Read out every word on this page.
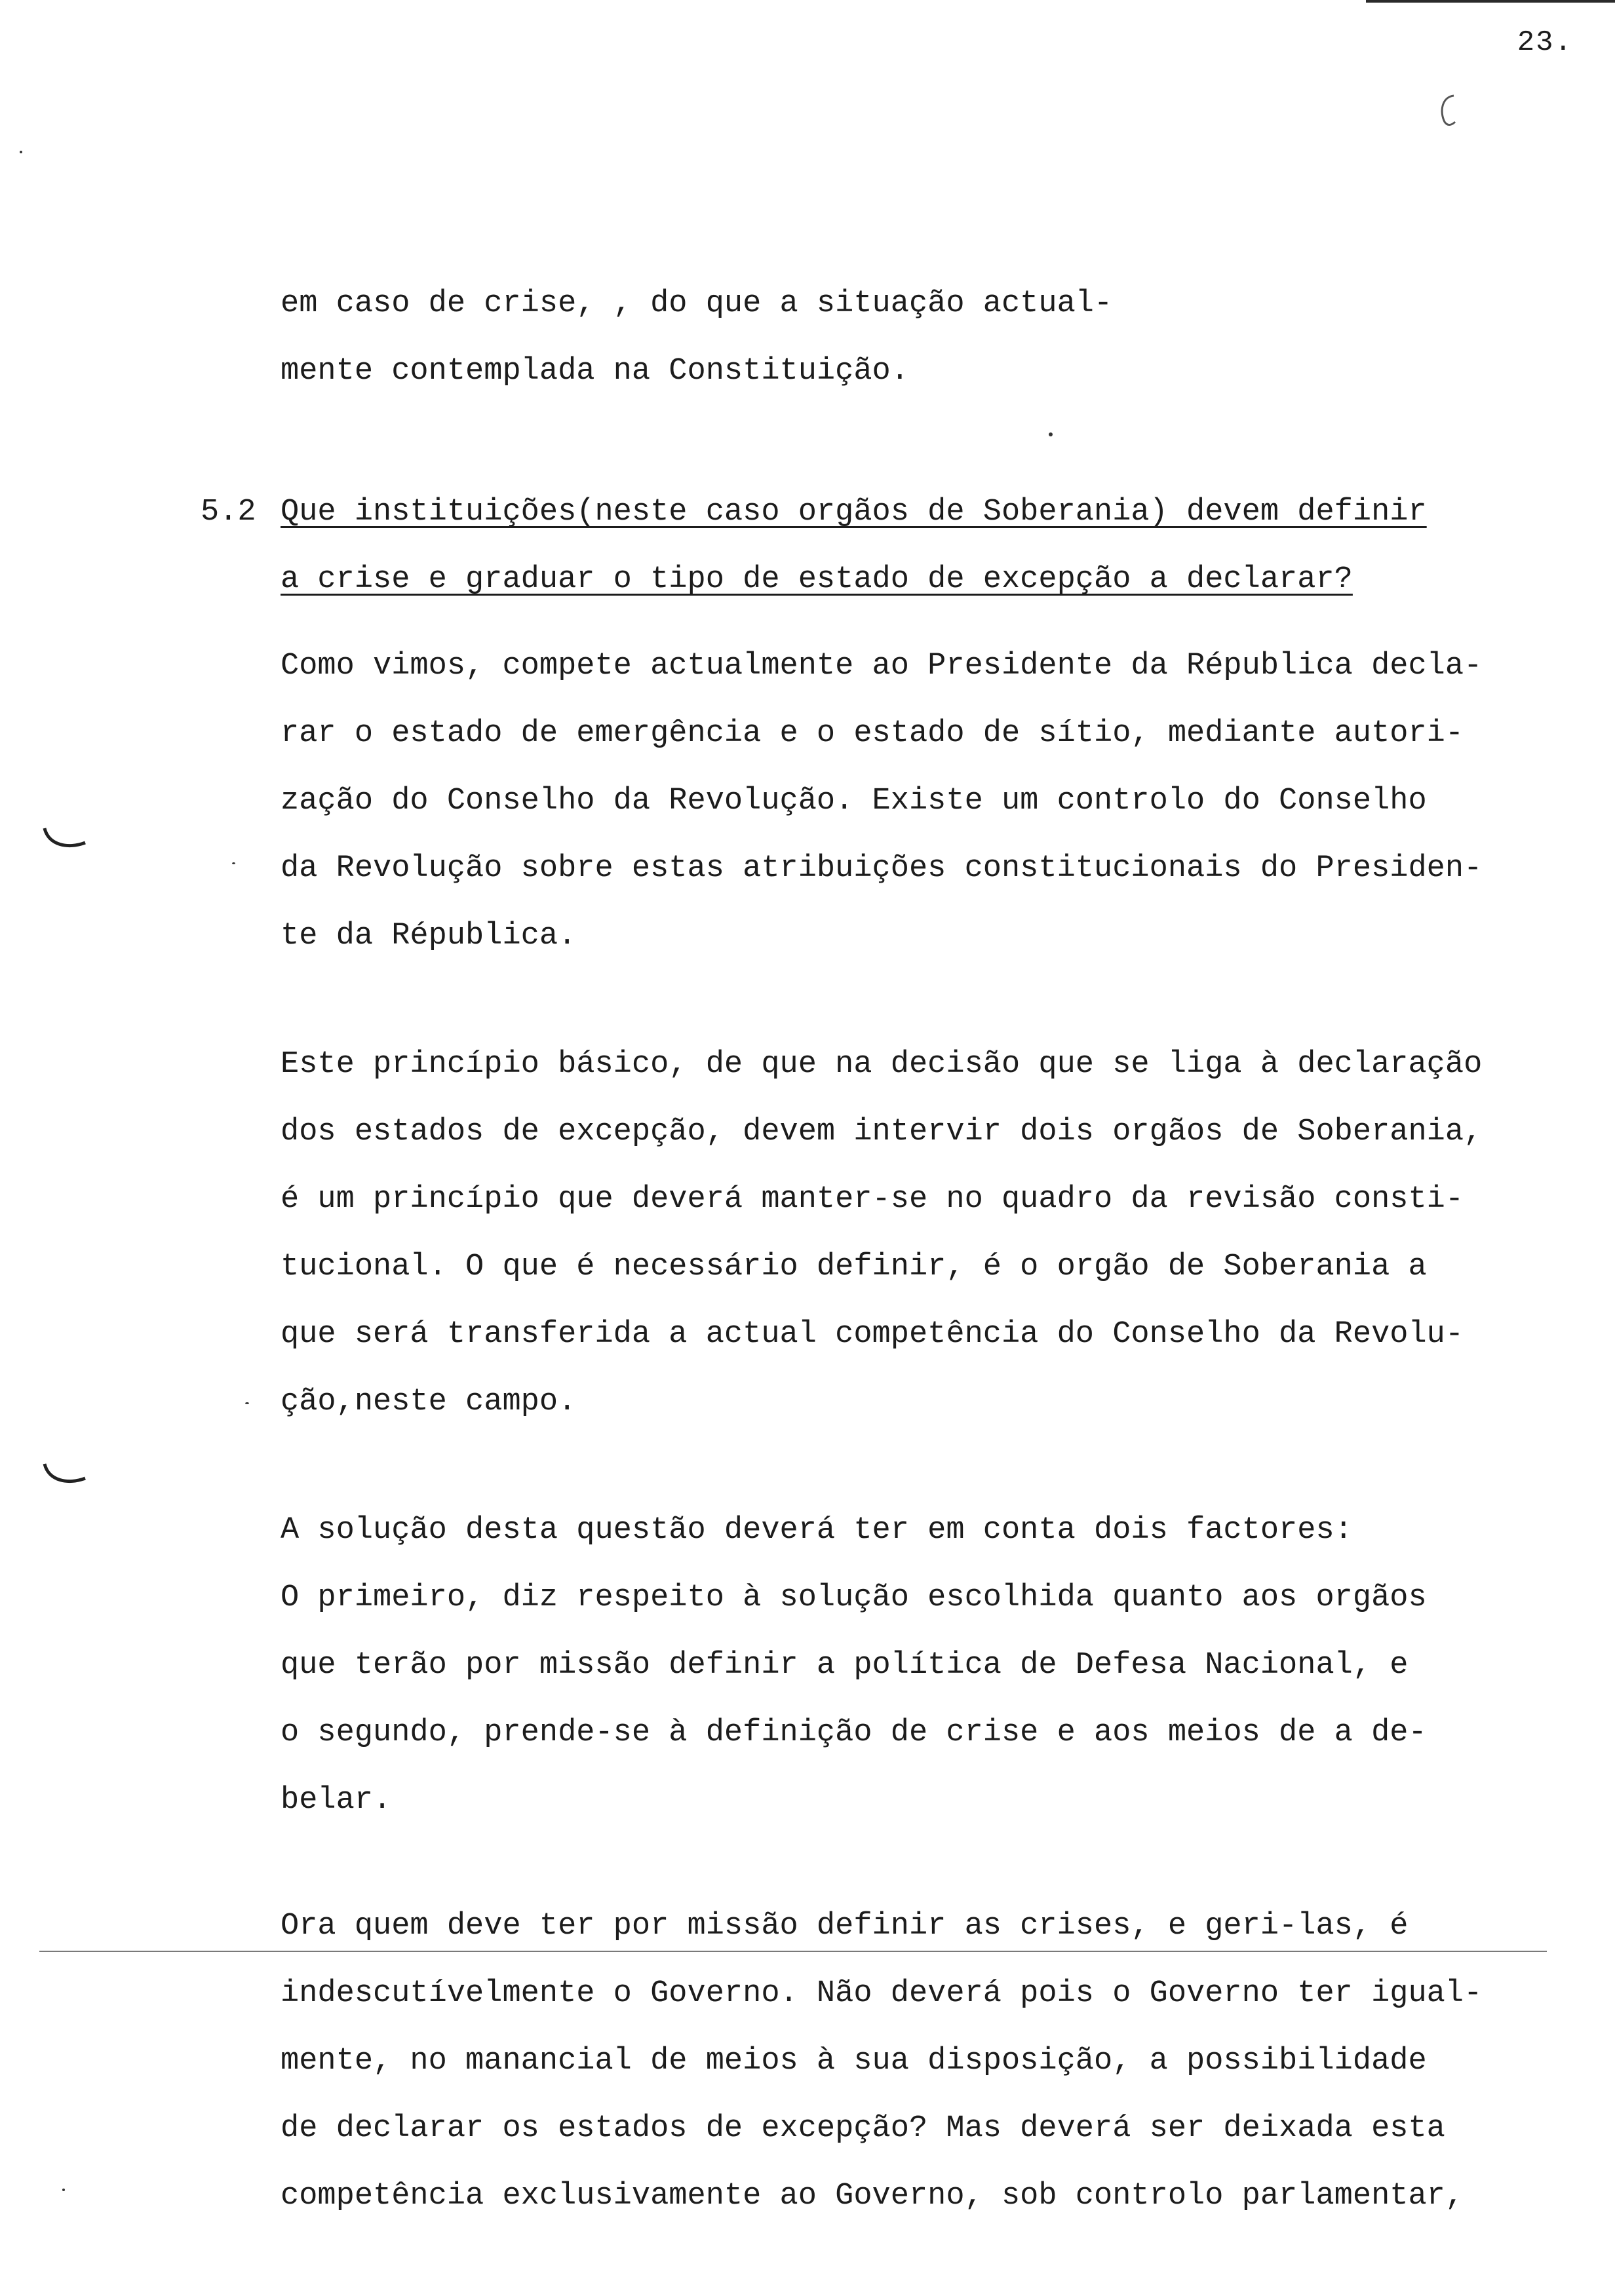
23.
em caso de crise, , do que a situação actual-
mente contemplada na Constituição.
5.2 Que instituições(neste caso orgãos de Soberania) devem definir
a crise e graduar o tipo de estado de excepção a declarar?
Como vimos, compete actualmente ao Presidente da Républica decla-
rar o estado de emergência e o estado de sítio, mediante autori-
zação do Conselho da Revolução. Existe um controlo do Conselho
da Revolução sobre estas atribuições constitucionais do Presiden-
te da Républica.
Este princípio básico, de que na decisão que se liga à declaração
dos estados de excepção, devem intervir dois orgãos de Soberania,
é um princípio que deverá manter-se no quadro da revisão consti-
tucional. O que é necessário definir, é o orgão de Soberania a
que será transferida a actual competência do Conselho da Revolu-
ção,neste campo.
A solução desta questão deverá ter em conta dois factores:
O primeiro, diz respeito à solução escolhida quanto aos orgãos
que terão por missão definir a política de Defesa Nacional, e
o segundo, prende-se à definição de crise e aos meios de a de-
belar.
Ora quem deve ter por missão definir as crises, e geri-las, é
indescutívelmente o Governo. Não deverá pois o Governo ter igual-
mente, no manancial de meios à sua disposição, a possibilidade
de declarar os estados de excepção? Mas deverá ser deixada esta
competência exclusivamente ao Governo, sob controlo parlamentar,
